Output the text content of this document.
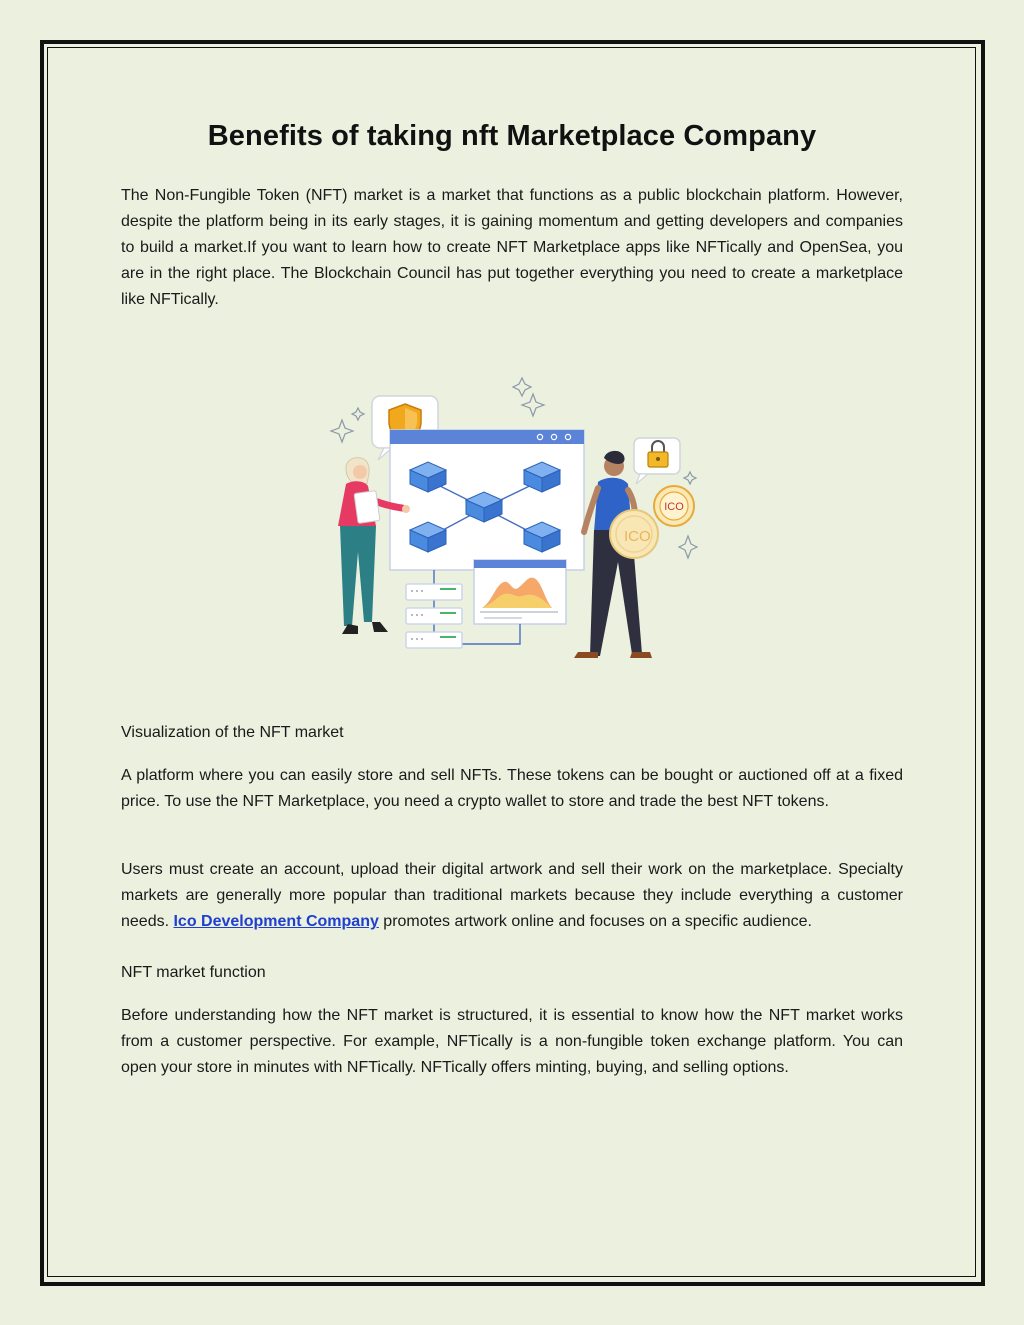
Benefits of taking nft Marketplace Company

The Non-Fungible Token (NFT) market is a market that functions as a public blockchain platform. However, despite the platform being in its early stages, it is gaining momentum and getting developers and companies to build a market.If you want to learn how to create NFT Marketplace apps like NFTically and OpenSea, you are in the right place. The Blockchain Council has put together everything you need to create a marketplace like NFTically.

ICO
ICO

Visualization of the NFT market

A platform where you can easily store and sell NFTs. These tokens can be bought or auctioned off at a fixed price. To use the NFT Marketplace, you need a crypto wallet to store and trade the best NFT tokens.

Users must create an account, upload their digital artwork and sell their work on the marketplace. Specialty markets are generally more popular than traditional markets because they include everything a customer needs. Ico Development Company promotes artwork online and focuses on a specific audience.

NFT market function

Before understanding how the NFT market is structured, it is essential to know how the NFT market works from a customer perspective. For example, NFTically is a non-fungible token exchange platform. You can open your store in minutes with NFTically. NFTically offers minting, buying, and selling options.
